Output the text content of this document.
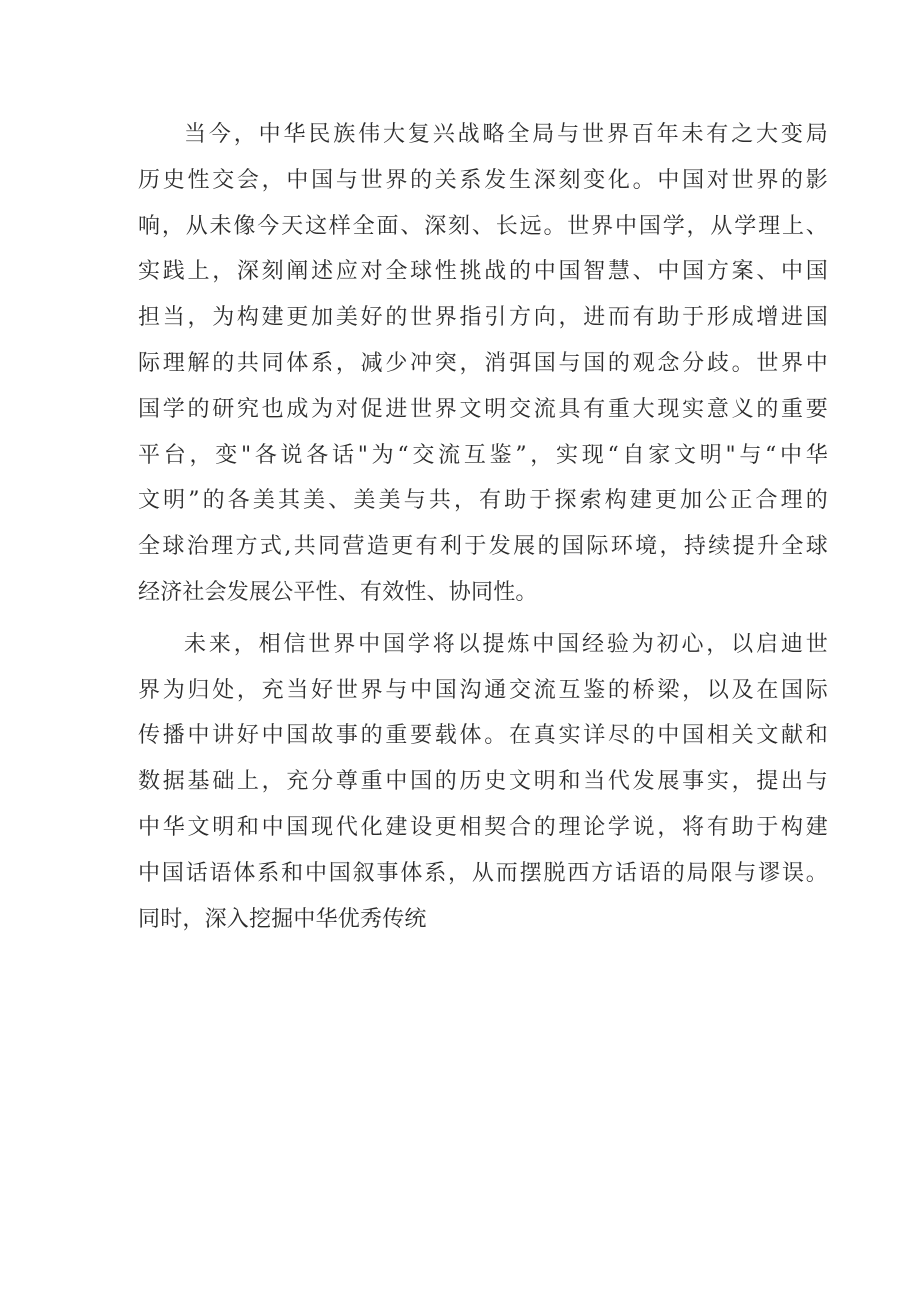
当今，中华民族伟大复兴战略全局与世界百年未有之大变局
历史性交会，中国与世界的关系发生深刻变化。中国对世界的影
响，从未像今天这样全面、深刻、长远。世界中国学，从学理上、
实践上，深刻阐述应对全球性挑战的中国智慧、中国方案、中国
担当，为构建更加美好的世界指引方向，进而有助于形成增进国
际理解的共同体系，减少冲突，消弭国与国的观念分歧。世界中
国学的研究也成为对促进世界文明交流具有重大现实意义的重要
平台，变"各说各话"为“交流互鉴”，实现“自家文明"与“中华
文明”的各美其美、美美与共，有助于探索构建更加公正合理的
全球治理方式,共同营造更有利于发展的国际环境，持续提升全球
经济社会发展公平性、有效性、协同性。
未来，相信世界中国学将以提炼中国经验为初心，以启迪世
界为归处，充当好世界与中国沟通交流互鉴的桥梁，以及在国际
传播中讲好中国故事的重要载体。在真实详尽的中国相关文献和
数据基础上，充分尊重中国的历史文明和当代发展事实，提出与
中华文明和中国现代化建设更相契合的理论学说，将有助于构建
中国话语体系和中国叙事体系，从而摆脱西方话语的局限与谬误。
同时，深入挖掘中华优秀传统
